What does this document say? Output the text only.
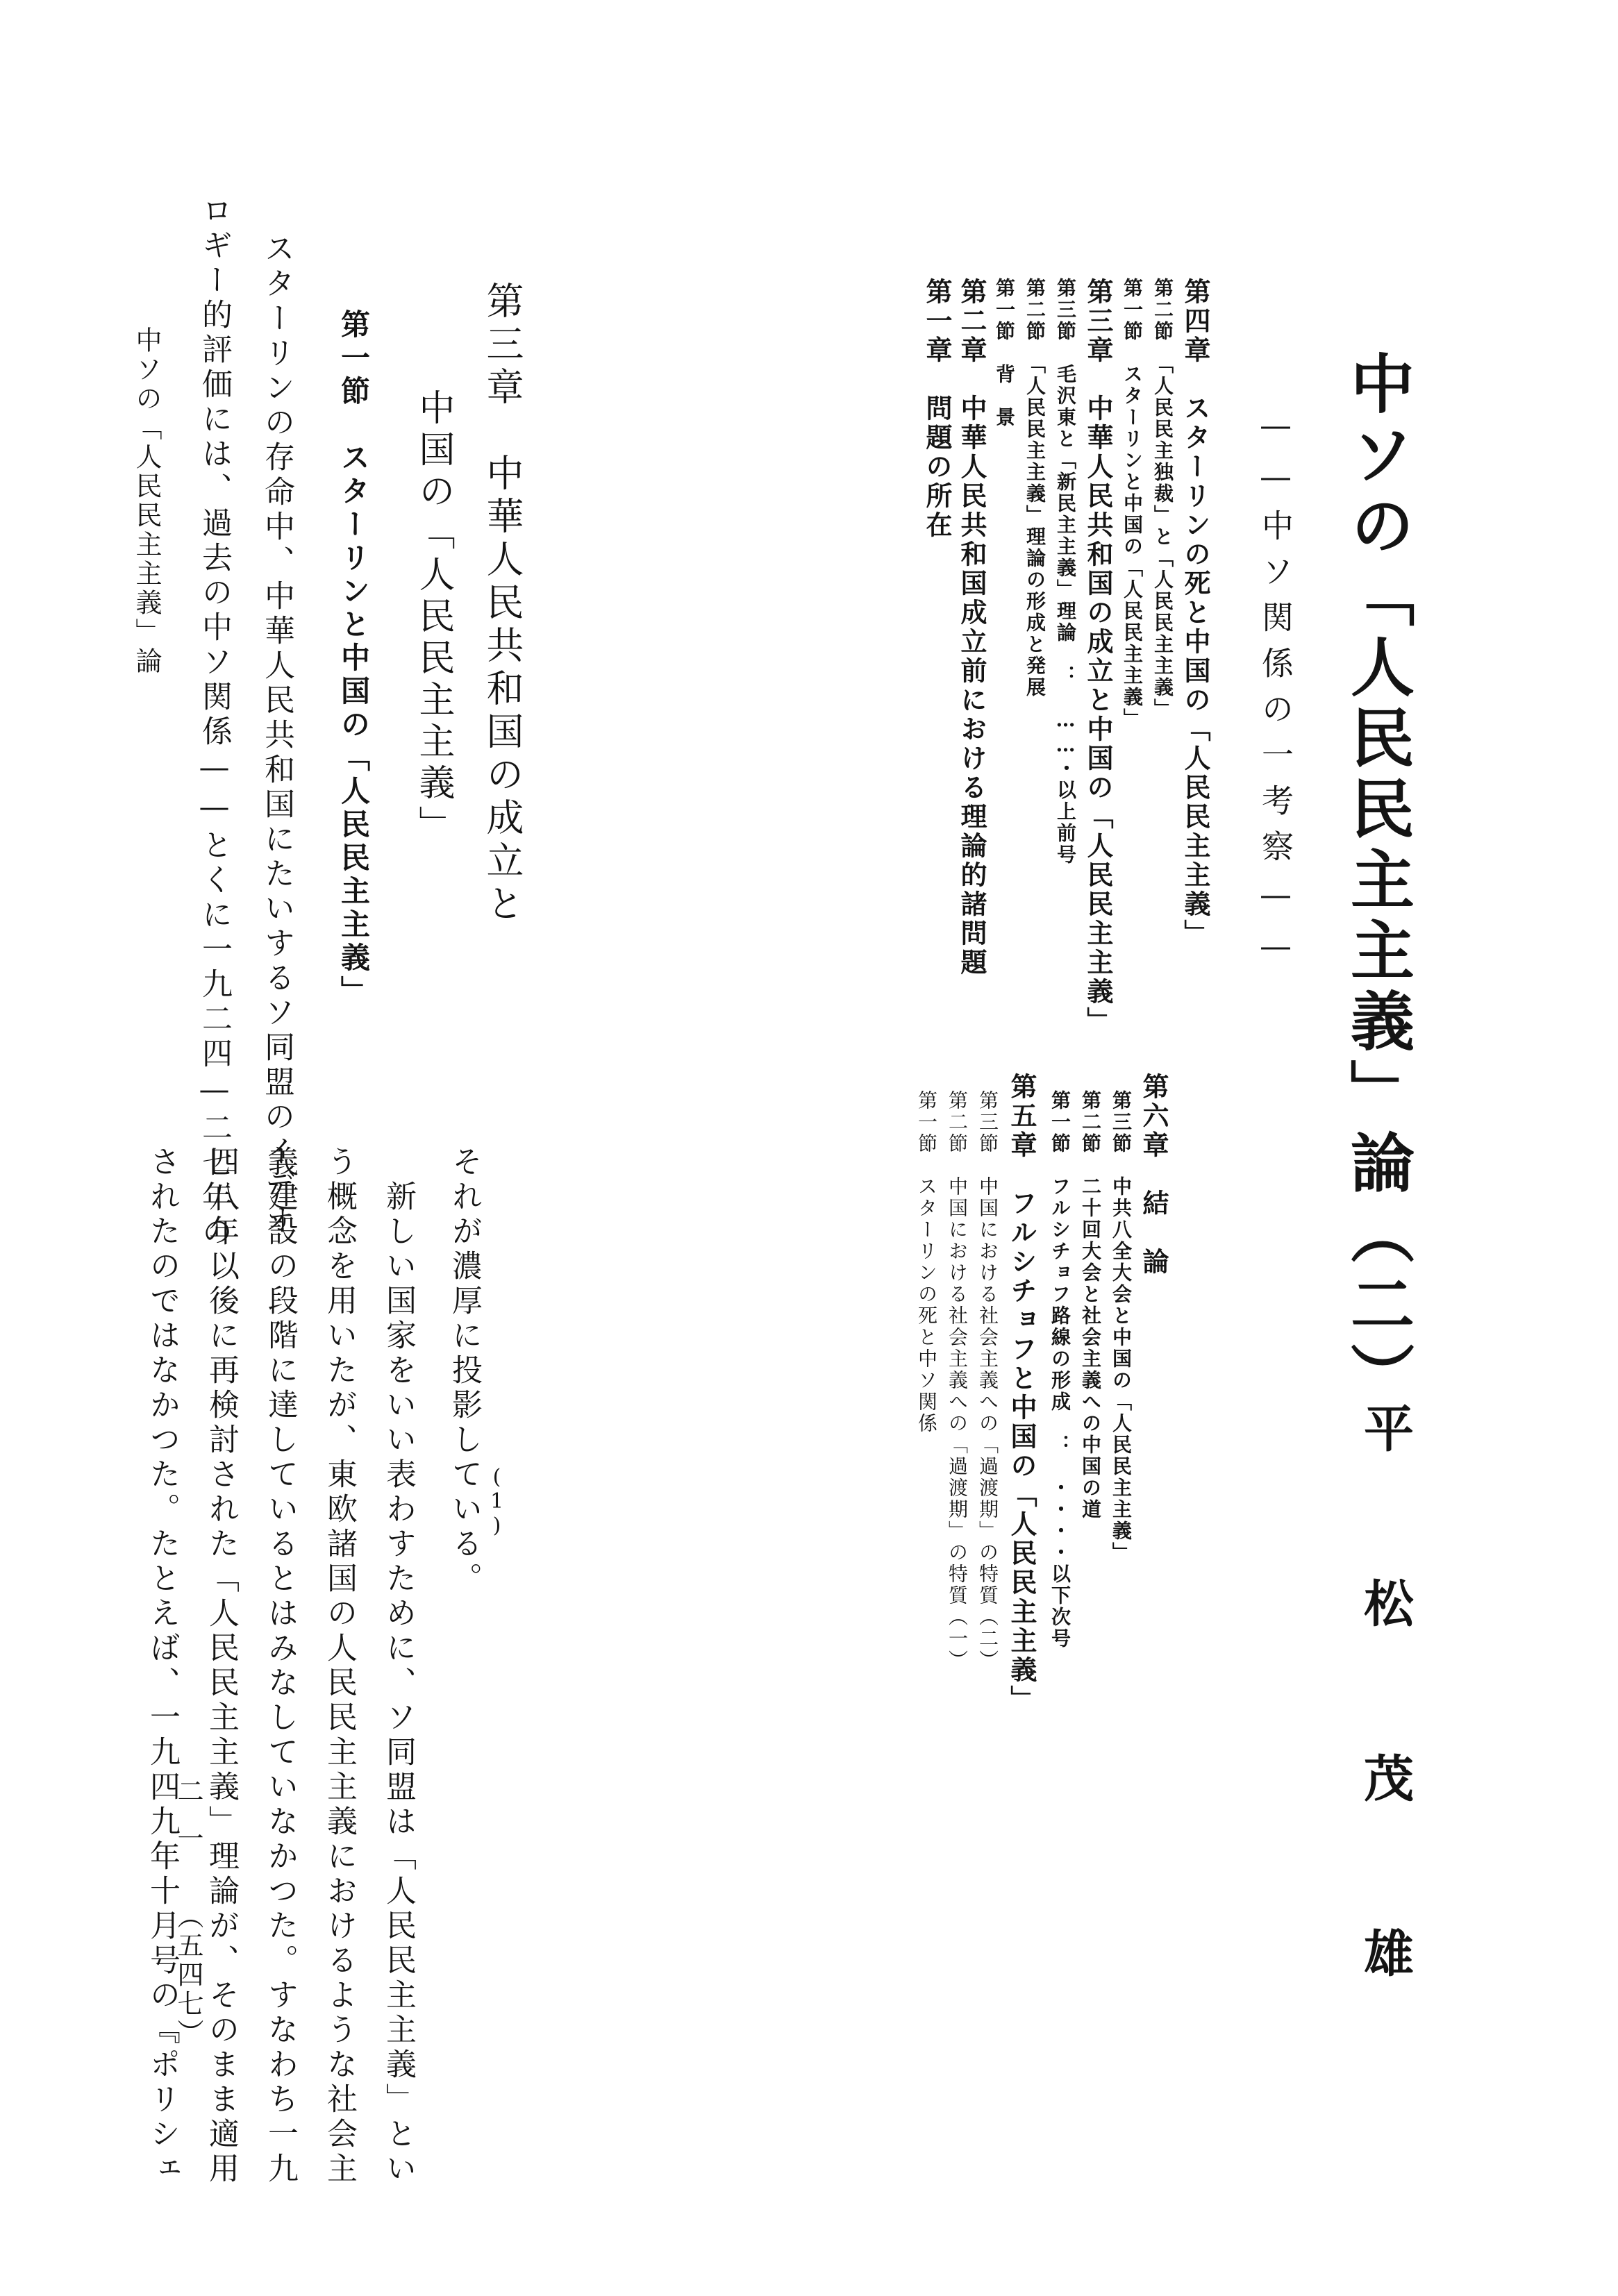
中ソの「人民民主主義」論（二）
——中ソ関係の一考察——
平松茂雄
第一章　問題の所在 第二章　中華人民共和国成立前における理論的諸問題 第一節　背　景 第二節　「人民民主主義」理論の形成と発展 第三節　毛沢東と「新民主主義」理論　：　……・以上前号 第三章　中華人民共和国の成立と中国の「人民民主主義」 第一節　スターリンと中国の「人民民主主義」 第二節　「人民民主独裁」と「人民民主主義」 第四章　スターリンの死と中国の「人民民主主義」
第一節　スターリンの死と中ソ関係 第二節　中国における社会主義への「過渡期」の特質（一） 第三節　中国における社会主義への「過渡期」の特質（二） 第五章　フルシチョフと中国の「人民民主主義」 第一節　フルシチョフ路線の形成　：　・・・・以下次号 第二節　二十回大会と社会主義への中国の道 第三節　中共八全大会と中国の「人民民主主義」 第六章　結　論
第三章　中華人民共和国の成立と
中国の「人民民主主義」
第一節　スターリンと中国の「人民民主主義」
スターリンの存命中、中華人民共和国にたいするソ同盟のイデオ
ロギー的評価には、過去の中ソ関係——とくに一九二四—二七年の
それが濃厚に投影している。
新しい国家をいい表わすために、ソ同盟は「人民民主主義」とい
う概念を用いたが、東欧諸国の人民民主主義におけるような社会主
義建設の段階に達しているとはみなしていなかつた。すなわち一九
四八年以後に再検討された「人民民主主義」理論が、そのまま適用
されたのではなかつた。たとえば、一九四九年十月号の『ポリシェ	(1)
中ソの「人民民主主義」論
二一
（五四七）
